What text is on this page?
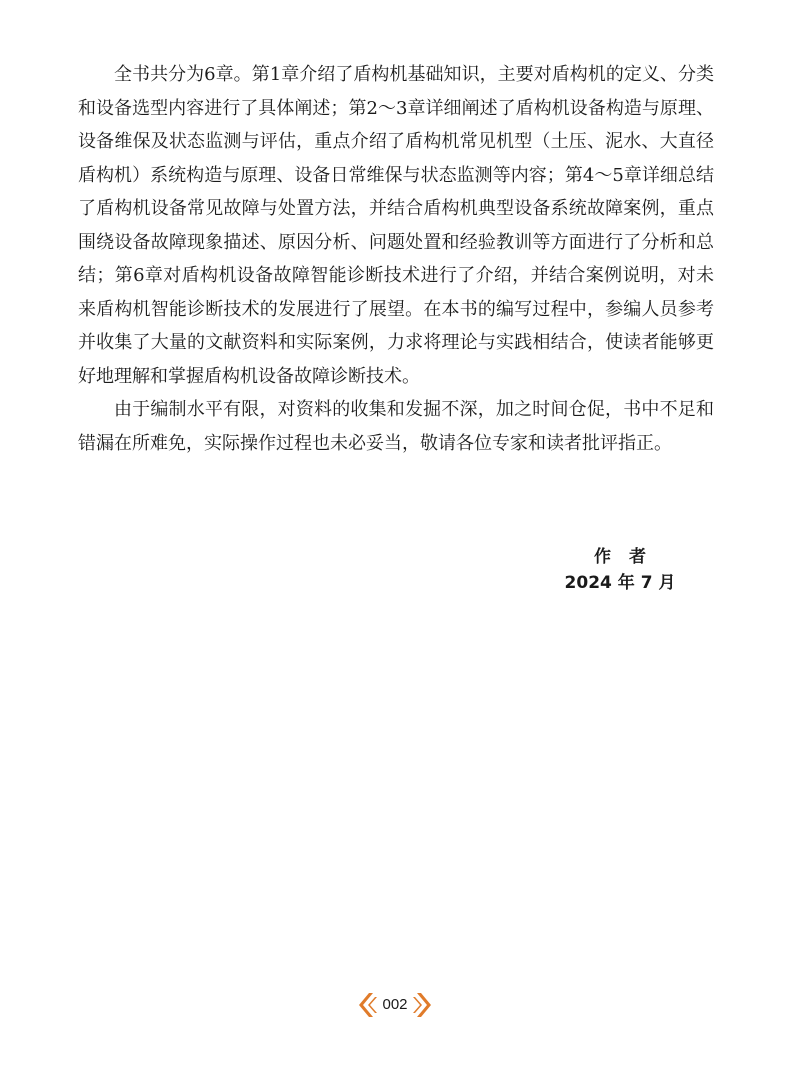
全书共分为6章。第1章介绍了盾构机基础知识，主要对盾构机的定义、分类和设备选型内容进行了具体阐述；第2～3章详细阐述了盾构机设备构造与原理、设备维保及状态监测与评估，重点介绍了盾构机常见机型（土压、泥水、大直径盾构机）系统构造与原理、设备日常维保与状态监测等内容；第4～5章详细总结了盾构机设备常见故障与处置方法，并结合盾构机典型设备系统故障案例，重点围绕设备故障现象描述、原因分析、问题处置和经验教训等方面进行了分析和总结；第6章对盾构机设备故障智能诊断技术进行了介绍，并结合案例说明，对未来盾构机智能诊断技术的发展进行了展望。在本书的编写过程中，参编人员参考并收集了大量的文献资料和实际案例，力求将理论与实践相结合，使读者能够更好地理解和掌握盾构机设备故障诊断技术。

由于编制水平有限，对资料的收集和发掘不深，加之时间仓促，书中不足和错漏在所难免，实际操作过程也未必妥当，敬请各位专家和读者批评指正。

作者
2024 年 7 月
002
